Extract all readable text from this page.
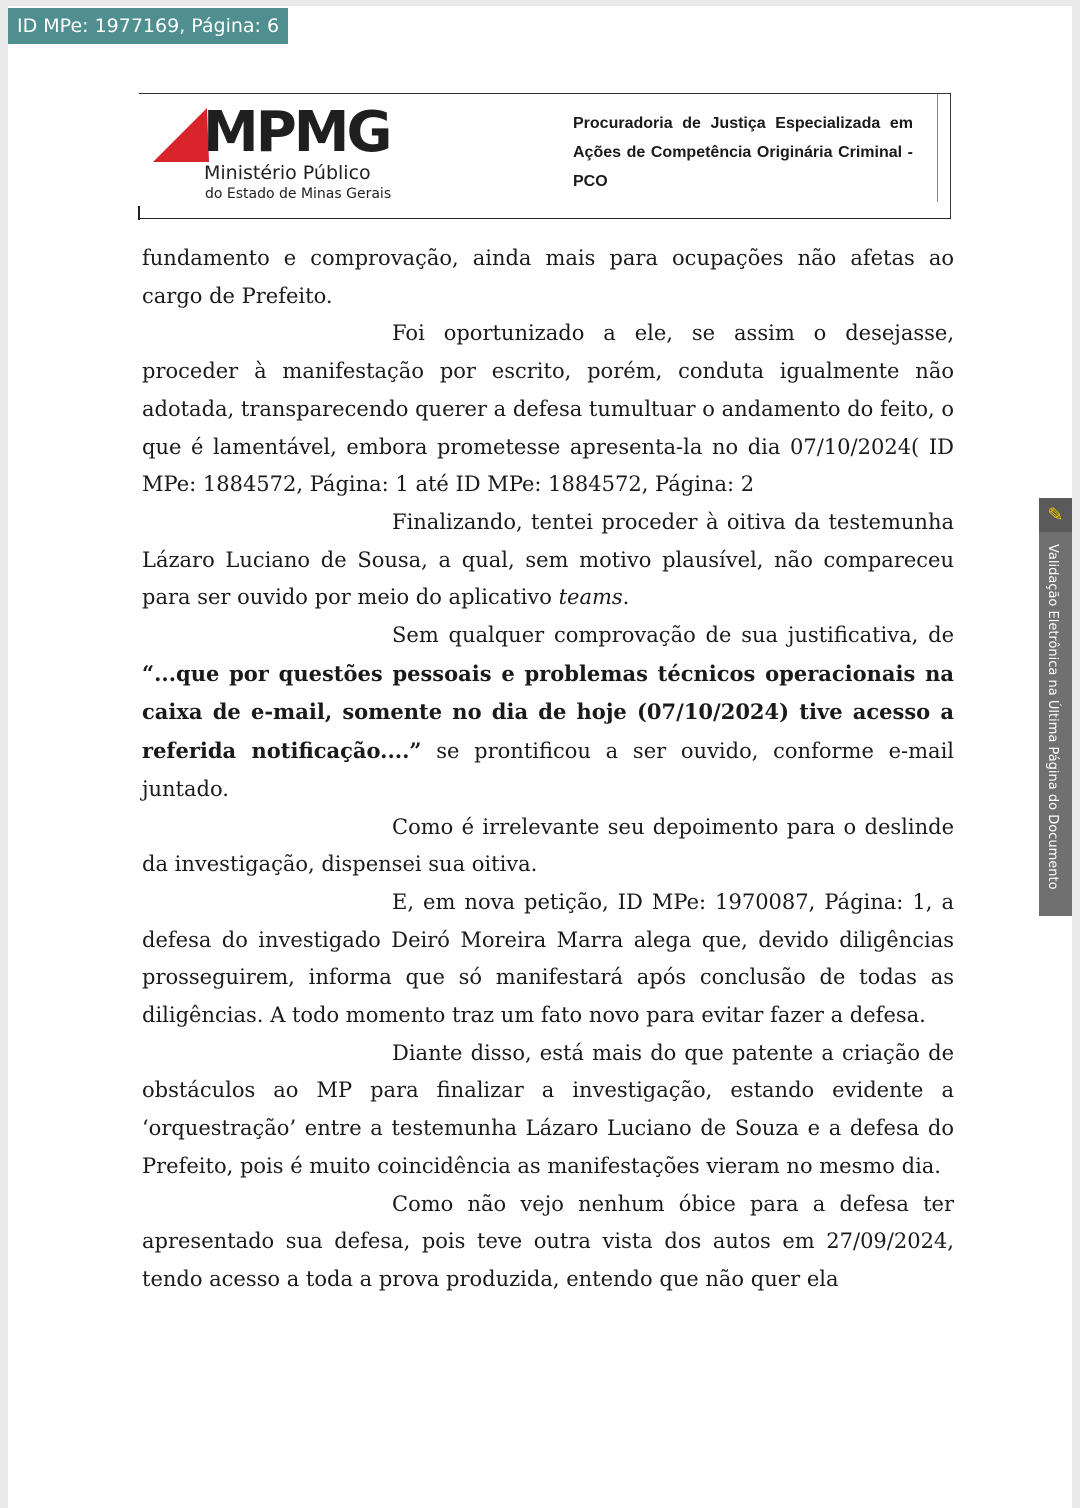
MPMG
Ministério Público
do Estado de Minas Gerais
Procuradoria de Justiça Especializada em Ações de Competência Originária Criminal - PCO

fundamento e comprovação, ainda mais para ocupações não afetas ao cargo de Prefeito.

Foi oportunizado a ele, se assim o desejasse, proceder à manifestação por escrito, porém, conduta igualmente não adotada, transparecendo querer a defesa tumultuar o andamento do feito, o que é lamentável, embora prometesse apresenta-la no dia 07/10/2024( ID MPe: 1884572, Página: 1 até ID MPe: 1884572, Página: 2

Finalizando, tentei proceder à oitiva da testemunha Lázaro Luciano de Sousa, a qual, sem motivo plausível, não compareceu para ser ouvido por meio do aplicativo teams.

Sem qualquer comprovação de sua justificativa, de “...que por questões pessoais e problemas técnicos operacionais na caixa de e-mail, somente no dia de hoje (07/10/2024) tive acesso a referida notificação....” se prontificou a ser ouvido, conforme e-mail juntado.

Como é irrelevante seu depoimento para o deslinde da investigação, dispensei sua oitiva.

E, em nova petição, ID MPe: 1970087, Página: 1, a defesa do investigado Deiró Moreira Marra alega que, devido diligências prosseguirem, informa que só manifestará após conclusão de todas as diligências. A todo momento traz um fato novo para evitar fazer a defesa.

Diante disso, está mais do que patente a criação de obstáculos ao MP para finalizar a investigação, estando evidente a ‘orquestração’ entre a testemunha Lázaro Luciano de Souza e a defesa do Prefeito, pois é muito coincidência as manifestações vieram no mesmo dia.

Como não vejo nenhum óbice para a defesa ter apresentado sua defesa, pois teve outra vista dos autos em 27/09/2024, tendo acesso a toda a prova produzida, entendo que não quer ela

ID MPe: 1977169, Página: 6
✎
Validação Eletrônica na Última Página do Documento
